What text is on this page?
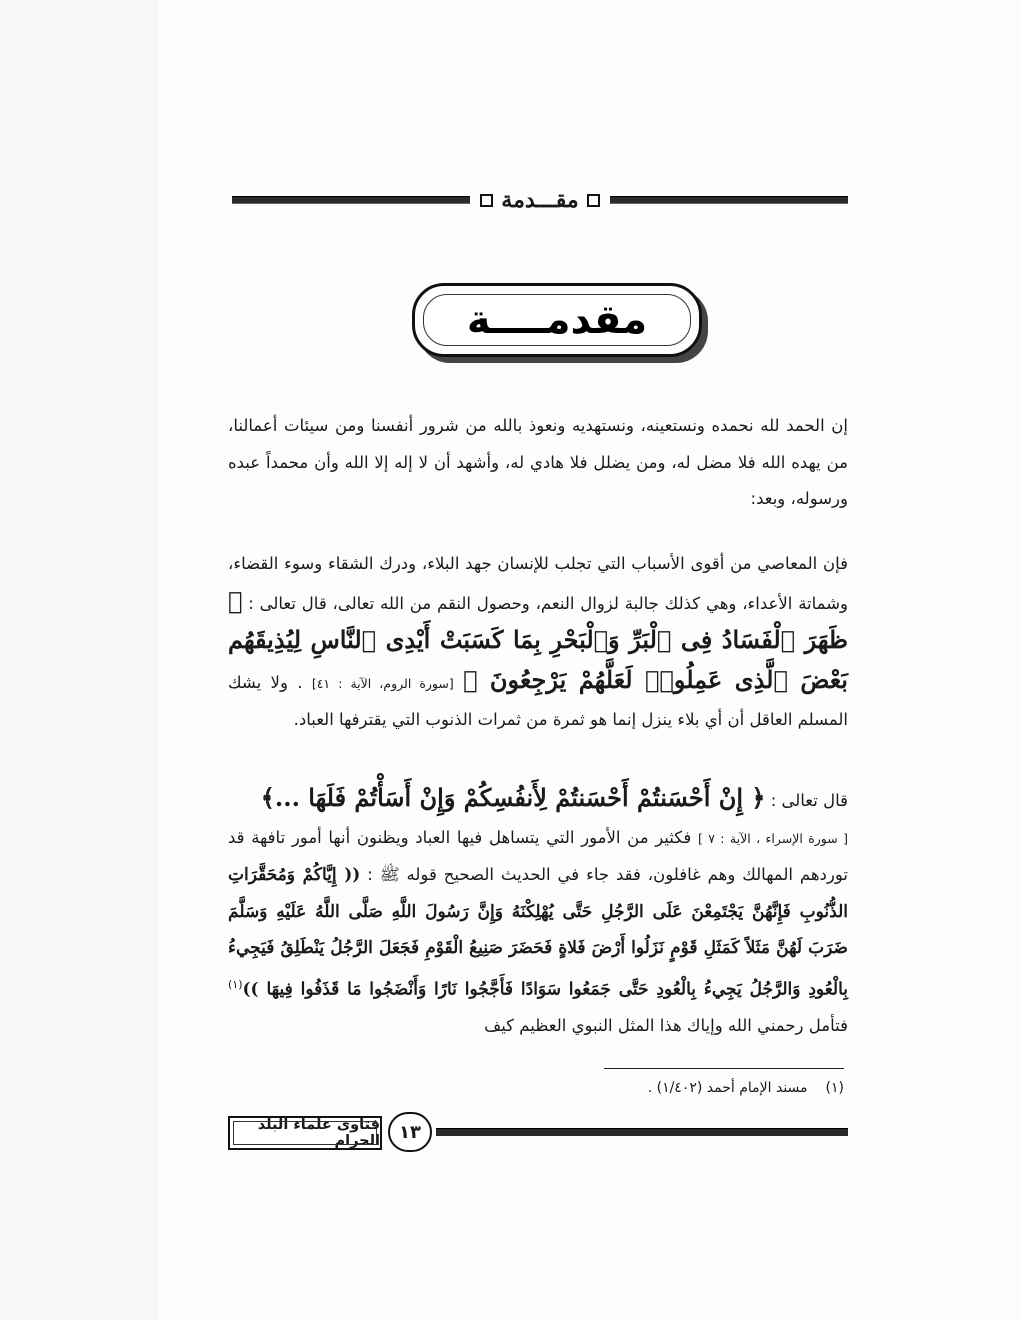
مقـــدمة
مقدمــــة
إن الحمد لله نحمده ونستعينه، ونستهديه ونعوذ بالله من شرور أنفسنا ومن سيئات أعمالنا، من يهده الله فلا مضل له، ومن يضلل فلا هادي له، وأشهد أن لا إله إلا الله وأن محمداً عبده ورسوله، وبعد:
فإن المعاصي من أقوى الأسباب التي تجلب للإنسان جهد البلاء، ودرك الشقاء وسوء القضاء، وشماتة الأعداء، وهي كذلك جالبة لزوال النعم، وحصول النقم من الله تعالى، قال تعالى : ﴿ ظَهَرَ ٱلْفَسَادُ فِى ٱلْبَرِّ وَٱلْبَحْرِ بِمَا كَسَبَتْ أَيْدِى ٱلنَّاسِ لِيُذِيقَهُم بَعْضَ ٱلَّذِى عَمِلُوا۟ لَعَلَّهُمْ يَرْجِعُونَ ﴾ [سورة الروم، الآية : ٤١] . ولا يشك المسلم العاقل أن أي بلاء ينزل إنما هو ثمرة من ثمرات الذنوب التي يقترفها العباد.
قال تعالى : ﴿ إِنْ أَحْسَنتُمْ أَحْسَنتُمْ لِأَنفُسِكُمْ وَإِنْ أَسَأْتُمْ فَلَهَا ...﴾
[ سورة الإسراء ، الآية : ٧ ] فكثير من الأمور التي يتساهل فيها العباد ويظنون أنها أمور تافهة قد توردهم المهالك وهم غافلون، فقد جاء في الحديث الصحيح قوله ﷺ : (( إِيَّاكُمْ وَمُحَقَّرَاتِ الذُّنُوبِ فَإِنَّهُنَّ يَجْتَمِعْنَ عَلَى الرَّجُلِ حَتَّى يُهْلِكْنَهُ وَإِنَّ رَسُولَ اللَّهِ صَلَّى اللَّهُ عَلَيْهِ وَسَلَّمَ ضَرَبَ لَهُنَّ مَثَلاً كَمَثَلِ قَوْمٍ نَزَلُوا أَرْضَ فَلاةٍ فَحَضَرَ صَنِيعُ الْقَوْمِ فَجَعَلَ الرَّجُلُ يَنْطَلِقُ فَيَجِيءُ بِالْعُودِ وَالرَّجُلُ يَجِيءُ بِالْعُودِ حَتَّى جَمَعُوا سَوَادًا فَأَجَّجُوا نَارًا وَأَنْضَجُوا مَا قَذَفُوا فِيهَا ))$^{(١)}$ فتأمل رحمني الله وإياك هذا المثل النبوي العظيم كيف
(١)
مسند الإمام أحمد (١/٤٠٢) .
١٣
فتاوى علماء البلد الحرام
